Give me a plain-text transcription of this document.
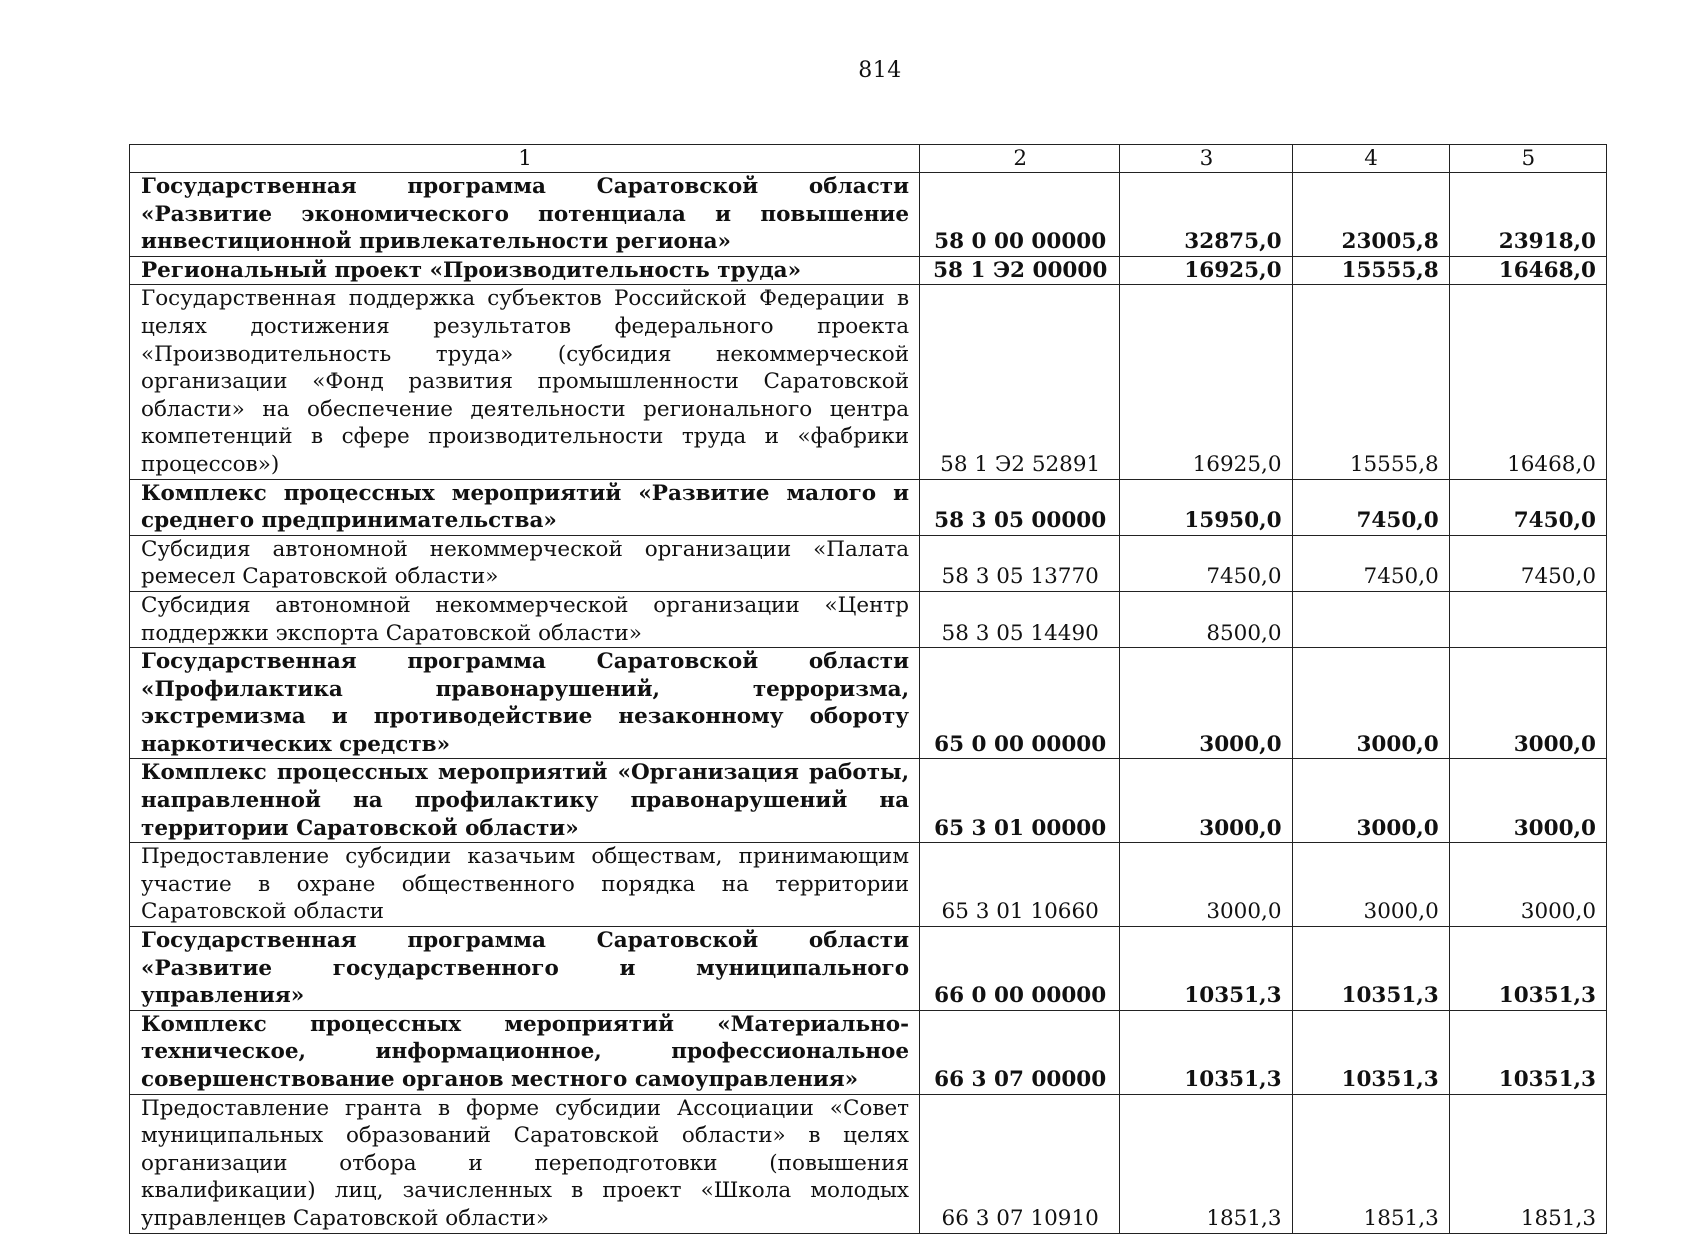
814
1	2	3	4	5
Государственная программа Саратовской области «Развитие экономического потенциала и повышение инвестиционной привлекательности региона»	58 0 00 00000	32875,0	23005,8	23918,0
Региональный проект «Производительность труда»	58 1 Э2 00000	16925,0	15555,8	16468,0
Государственная поддержка субъектов Российской Федерации в целях достижения результатов федерального проекта «Производительность труда» (субсидия некоммерческой организации «Фонд развития промышленности Саратовской области» на обеспечение деятельности регионального центра компетенций в сфере производительности труда и «фабрики процессов»)	58 1 Э2 52891	16925,0	15555,8	16468,0
Комплекс процессных мероприятий «Развитие малого и среднего предпринимательства»	58 3 05 00000	15950,0	7450,0	7450,0
Субсидия автономной некоммерческой организации «Палата ремесел Саратовской области»	58 3 05 13770	7450,0	7450,0	7450,0
Субсидия автономной некоммерческой организации «Центр поддержки экспорта Саратовской области»	58 3 05 14490	8500,0		
Государственная программа Саратовской области «Профилактика правонарушений, терроризма, экстремизма и противодействие незаконному обороту наркотических средств»	65 0 00 00000	3000,0	3000,0	3000,0
Комплекс процессных мероприятий «Организация работы, направленной на профилактику правонарушений на территории Саратовской области»	65 3 01 00000	3000,0	3000,0	3000,0
Предоставление субсидии казачьим обществам, принимающим участие в охране общественного порядка на территории Саратовской области	65 3 01 10660	3000,0	3000,0	3000,0
Государственная программа Саратовской области «Развитие государственного и муниципального управления»	66 0 00 00000	10351,3	10351,3	10351,3
Комплекс процессных мероприятий «Материально-техническое, информационное, профессиональное совершенствование органов местного самоуправления»	66 3 07 00000	10351,3	10351,3	10351,3
Предоставление гранта в форме субсидии Ассоциации «Совет муниципальных образований Саратовской области» в целях организации отбора и переподготовки (повышения квалификации) лиц, зачисленных в проект «Школа молодых управленцев Саратовской области»	66 3 07 10910	1851,3	1851,3	1851,3
